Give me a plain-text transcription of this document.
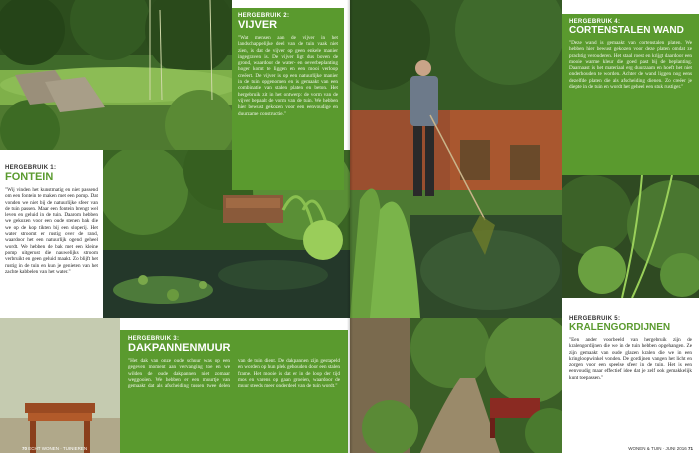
HERGEBRUIK 2:
VIJVER
"Wat mensen aan de vijver in het landschappelijke deel van de tuin vaak niet zien, is dat de vijver op geen enkele manier ingegraven is. De vijver ligt dus boven de grond, waardoor de water- en oeverbeplanting hoger komt te liggen en een mooi verloop creëert. De vijver is op een natuurlijke manier in de tuin opgenomen en is gemaakt van een combinatie van stalen platen en beton. Het hergebruik zit in het ontwerp: de vorm van de vijver bepaalt de vorm van de tuin. We hebben hier bewust gekozen voor een eenvoudige en duurzame constructie."
HERGEBRUIK 4:
CORTENSTALEN WAND
"Deze wand is gemaakt van cortenstalen platen. We hebben hier bewust gekozen voor deze platen omdat ze prachtig verouderen. Het staal roest en krijgt daardoor een mooie warme kleur die goed past bij de beplanting. Daarnaast is het materiaal erg duurzaam en hoeft het niet onderhouden te worden. Achter de wand liggen nog eens dezelfde platen die als afscheiding dienen. Zo creëer je diepte in de tuin en wordt het geheel een stuk rustiger."
HERGEBRUIK 1:
FONTEIN
"Wij vinden het kunstmatig en niet passend om een fontein te maken met een pomp. Dat vonden we niet bij de natuurlijke sfeer van de tuin passen. Maar een fontein brengt wel leven en geluid in de tuin. Daarom hebben we gekozen voor een oude stenen bak die we op de kop tikten bij een sloperij. Het water stroomt er rustig over de rand, waardoor het een natuurlijk ogend geheel wordt. We hebben de bak met een kleine pomp uitgerust die nauwelijks stroom verbruikt en geen geluid maakt. Zo blijft het rustig in de tuin en kun je genieten van het zachte kabbelen van het water."
HERGEBRUIK 3:
DAKPANNENMUUR
"Het dak van onze oude schuur was op een gegeven moment aan vervanging toe en we wilden de oude dakpannen niet zomaar weggooien. We hebben er een muurtje van gemaakt dat als afscheiding tussen twee delen van de tuin dient. De dakpannen zijn gestapeld en worden op hun plek gehouden door een stalen frame. Het mooie is dat er in de loop der tijd mos en varens op gaan groeien, waardoor de muur steeds meer onderdeel van de tuin wordt."
HERGEBRUIK 5:
KRALENGORDIJNEN
"Een ander voorbeeld van hergebruik zijn de kralengordijnen die we in de tuin hebben opgehangen. Ze zijn gemaakt van oude glazen kralen die we in een kringloopwinkel vonden. De gordijnen vangen het licht en zorgen voor een speelse sfeer in de tuin. Het is een eenvoudig maar effectief idee dat je zelf ook gemakkelijk kunt toepassen."
70 ECHT WONEN · TUINIEREN	WONEN & TUIN · JUNI 2016 71
